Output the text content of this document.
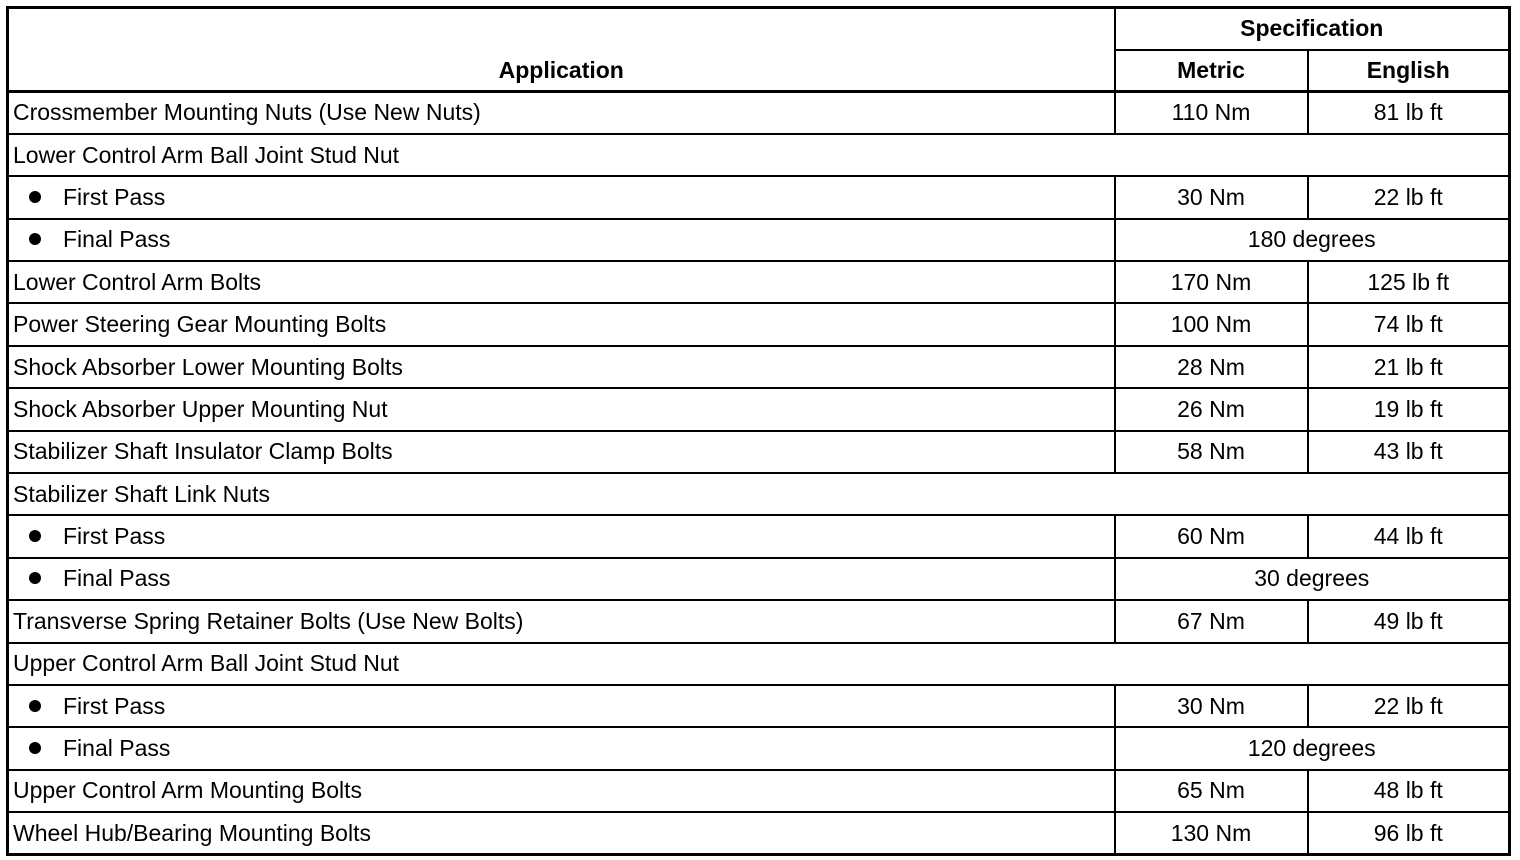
Application	Specification	
	Metric	English
Crossmember Mounting Nuts (Use New Nuts)	110 Nm	81 lb ft
Lower Control Arm Ball Joint Stud Nut		
First Pass	30 Nm	22 lb ft
Final Pass	180 degrees	
Lower Control Arm Bolts	170 Nm	125 lb ft
Power Steering Gear Mounting Bolts	100 Nm	74 lb ft
Shock Absorber Lower Mounting Bolts	28 Nm	21 lb ft
Shock Absorber Upper Mounting Nut	26 Nm	19 lb ft
Stabilizer Shaft Insulator Clamp Bolts	58 Nm	43 lb ft
Stabilizer Shaft Link Nuts		
First Pass	60 Nm	44 lb ft
Final Pass	30 degrees	
Transverse Spring Retainer Bolts (Use New Bolts)	67 Nm	49 lb ft
Upper Control Arm Ball Joint Stud Nut		
First Pass	30 Nm	22 lb ft
Final Pass	120 degrees	
Upper Control Arm Mounting Bolts	65 Nm	48 lb ft
Wheel Hub/Bearing Mounting Bolts	130 Nm	96 lb ft
